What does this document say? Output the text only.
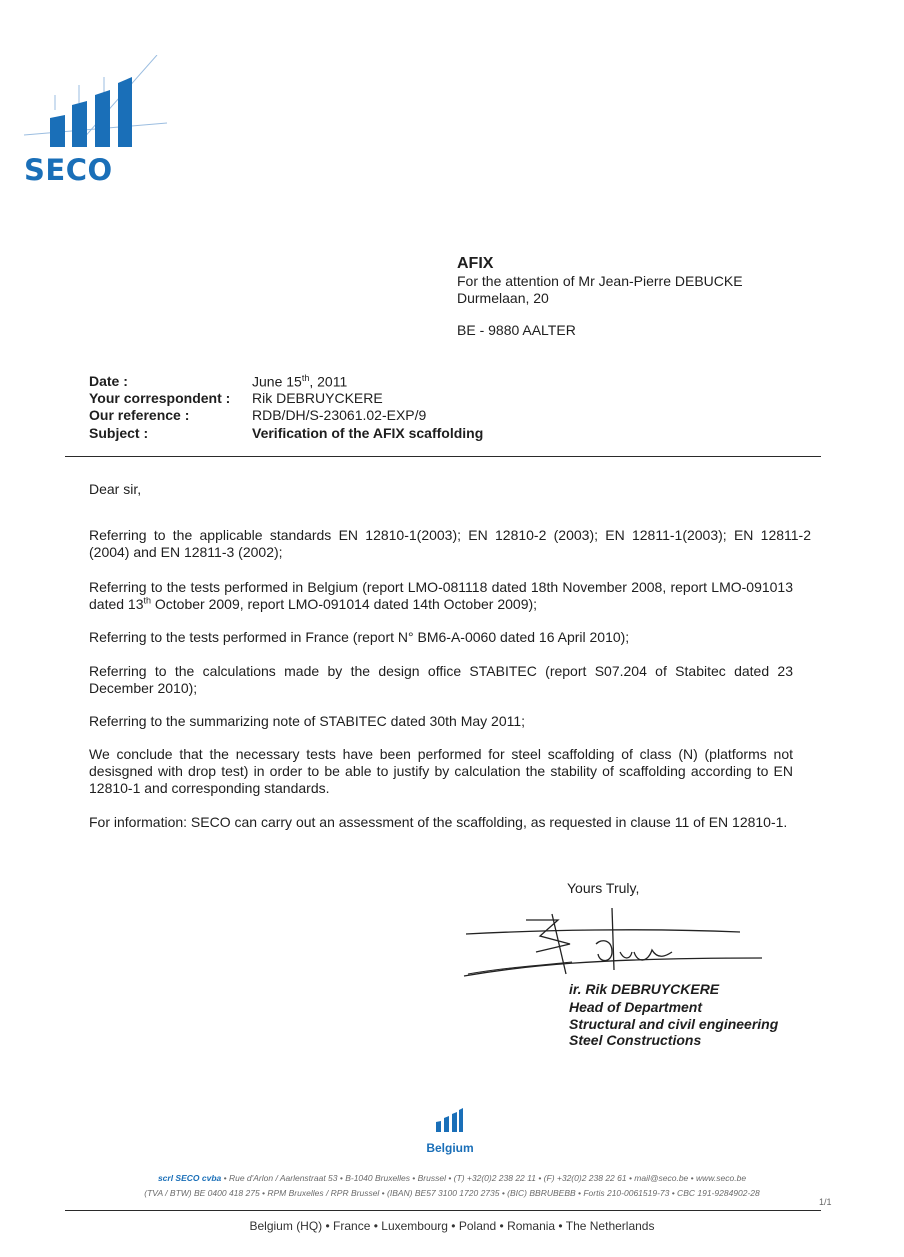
SECO
AFIX
For the attention of Mr Jean-Pierre DEBUCKE
Durmelaan, 20
BE - 9880 AALTER
Date :	June 15th, 2011
Your correspondent : Rik DEBRUYCKERE
Our reference :	RDB/DH/S-23061.02-EXP/9
Subject :	Verification of the AFIX scaffolding
Dear sir,
Referring to the applicable standards EN 12810-1(2003); EN 12810-2 (2003); EN 12811-1(2003); EN 12811-2 (2004) and EN 12811-3 (2002);
Referring to the tests performed in Belgium (report LMO-081118 dated 18th November 2008, report LMO-091013 dated 13th October 2009, report LMO-091014 dated 14th October 2009);
Referring to the tests performed in France (report N° BM6-A-0060 dated 16 April 2010);
Referring to the calculations made by the design office STABITEC (report S07.204 of Stabitec dated 23 December 2010);
Referring to the summarizing note of STABITEC dated 30th May 2011;
We conclude that the necessary tests have been performed for steel scaffolding of class (N) (platforms not desisgned with drop test) in order to be able to justify by calculation the stability of scaffolding according to EN 12810-1 and corresponding standards.
For information: SECO can carry out an assessment of the scaffolding, as requested in clause 11 of EN 12810-1.
Yours Truly,
ir. Rik DEBRUYCKERE
Head of Department
Structural and civil engineering
Steel Constructions
Belgium
scrl SECO cvba • Rue d'Arlon / Aarlenstraat 53 • B-1040 Bruxelles • Brussel • (T) +32(0)2 238 22 11 • (F) +32(0)2 238 22 61 • mail@seco.be • www.seco.be
(TVA / BTW) BE 0400 418 275 • RPM Bruxelles / RPR Brussel • (IBAN) BE57 3100 1720 2735 • (BIC) BBRUBEBB • Fortis 210-0061519-73 • CBC 191-9284902-28
1/1
Belgium (HQ) • France • Luxembourg • Poland • Romania • The Netherlands
